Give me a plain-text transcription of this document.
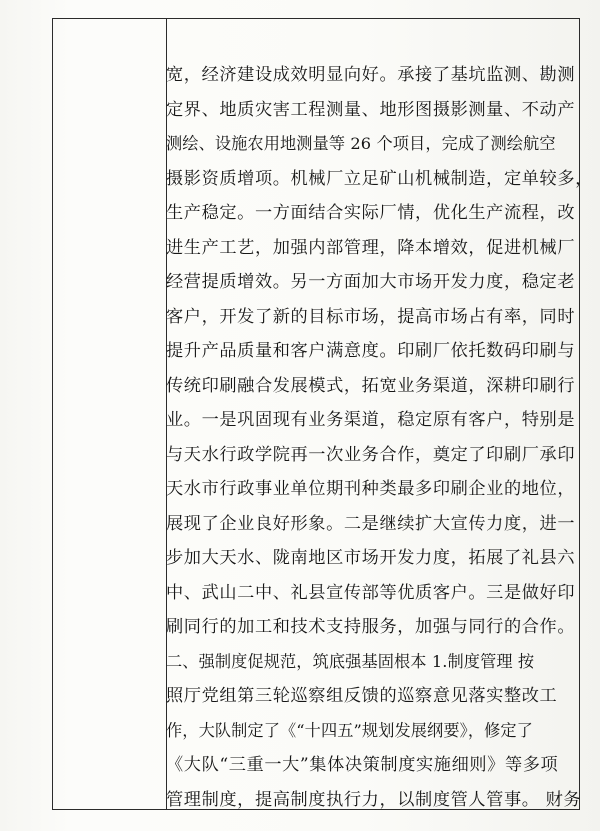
宽，经济建设成效明显向好。承接了基坑监测、勘测
定界、地质灾害工程测量、地形图摄影测量、不动产
测绘、设施农用地测量等 26 个项目，完成了测绘航空
摄影资质增项。机械厂立足矿山机械制造，定单较多，
生产稳定。一方面结合实际厂情，优化生产流程，改
进生产工艺，加强内部管理，降本增效，促进机械厂
经营提质增效。另一方面加大市场开发力度，稳定老
客户，开发了新的目标市场，提高市场占有率，同时
提升产品质量和客户满意度。印刷厂依托数码印刷与
传统印刷融合发展模式，拓宽业务渠道，深耕印刷行
业。一是巩固现有业务渠道，稳定原有客户，特别是
与天水行政学院再一次业务合作，奠定了印刷厂承印
天水市行政事业单位期刊种类最多印刷企业的地位，
展现了企业良好形象。二是继续扩大宣传力度，进一
步加大天水、陇南地区市场开发力度，拓展了礼县六
中、武山二中、礼县宣传部等优质客户。三是做好印
刷同行的加工和技术支持服务，加强与同行的合作。
二、强制度促规范，筑底强基固根本 1.制度管理 按
照厅党组第三轮巡察组反馈的巡察意见落实整改工
作，大队制定了《“十四五”规划发展纲要》，修定了
《大队“三重一大”集体决策制度实施细则》等多项
管理制度，提高制度执行力，以制度管人管事。 财务
